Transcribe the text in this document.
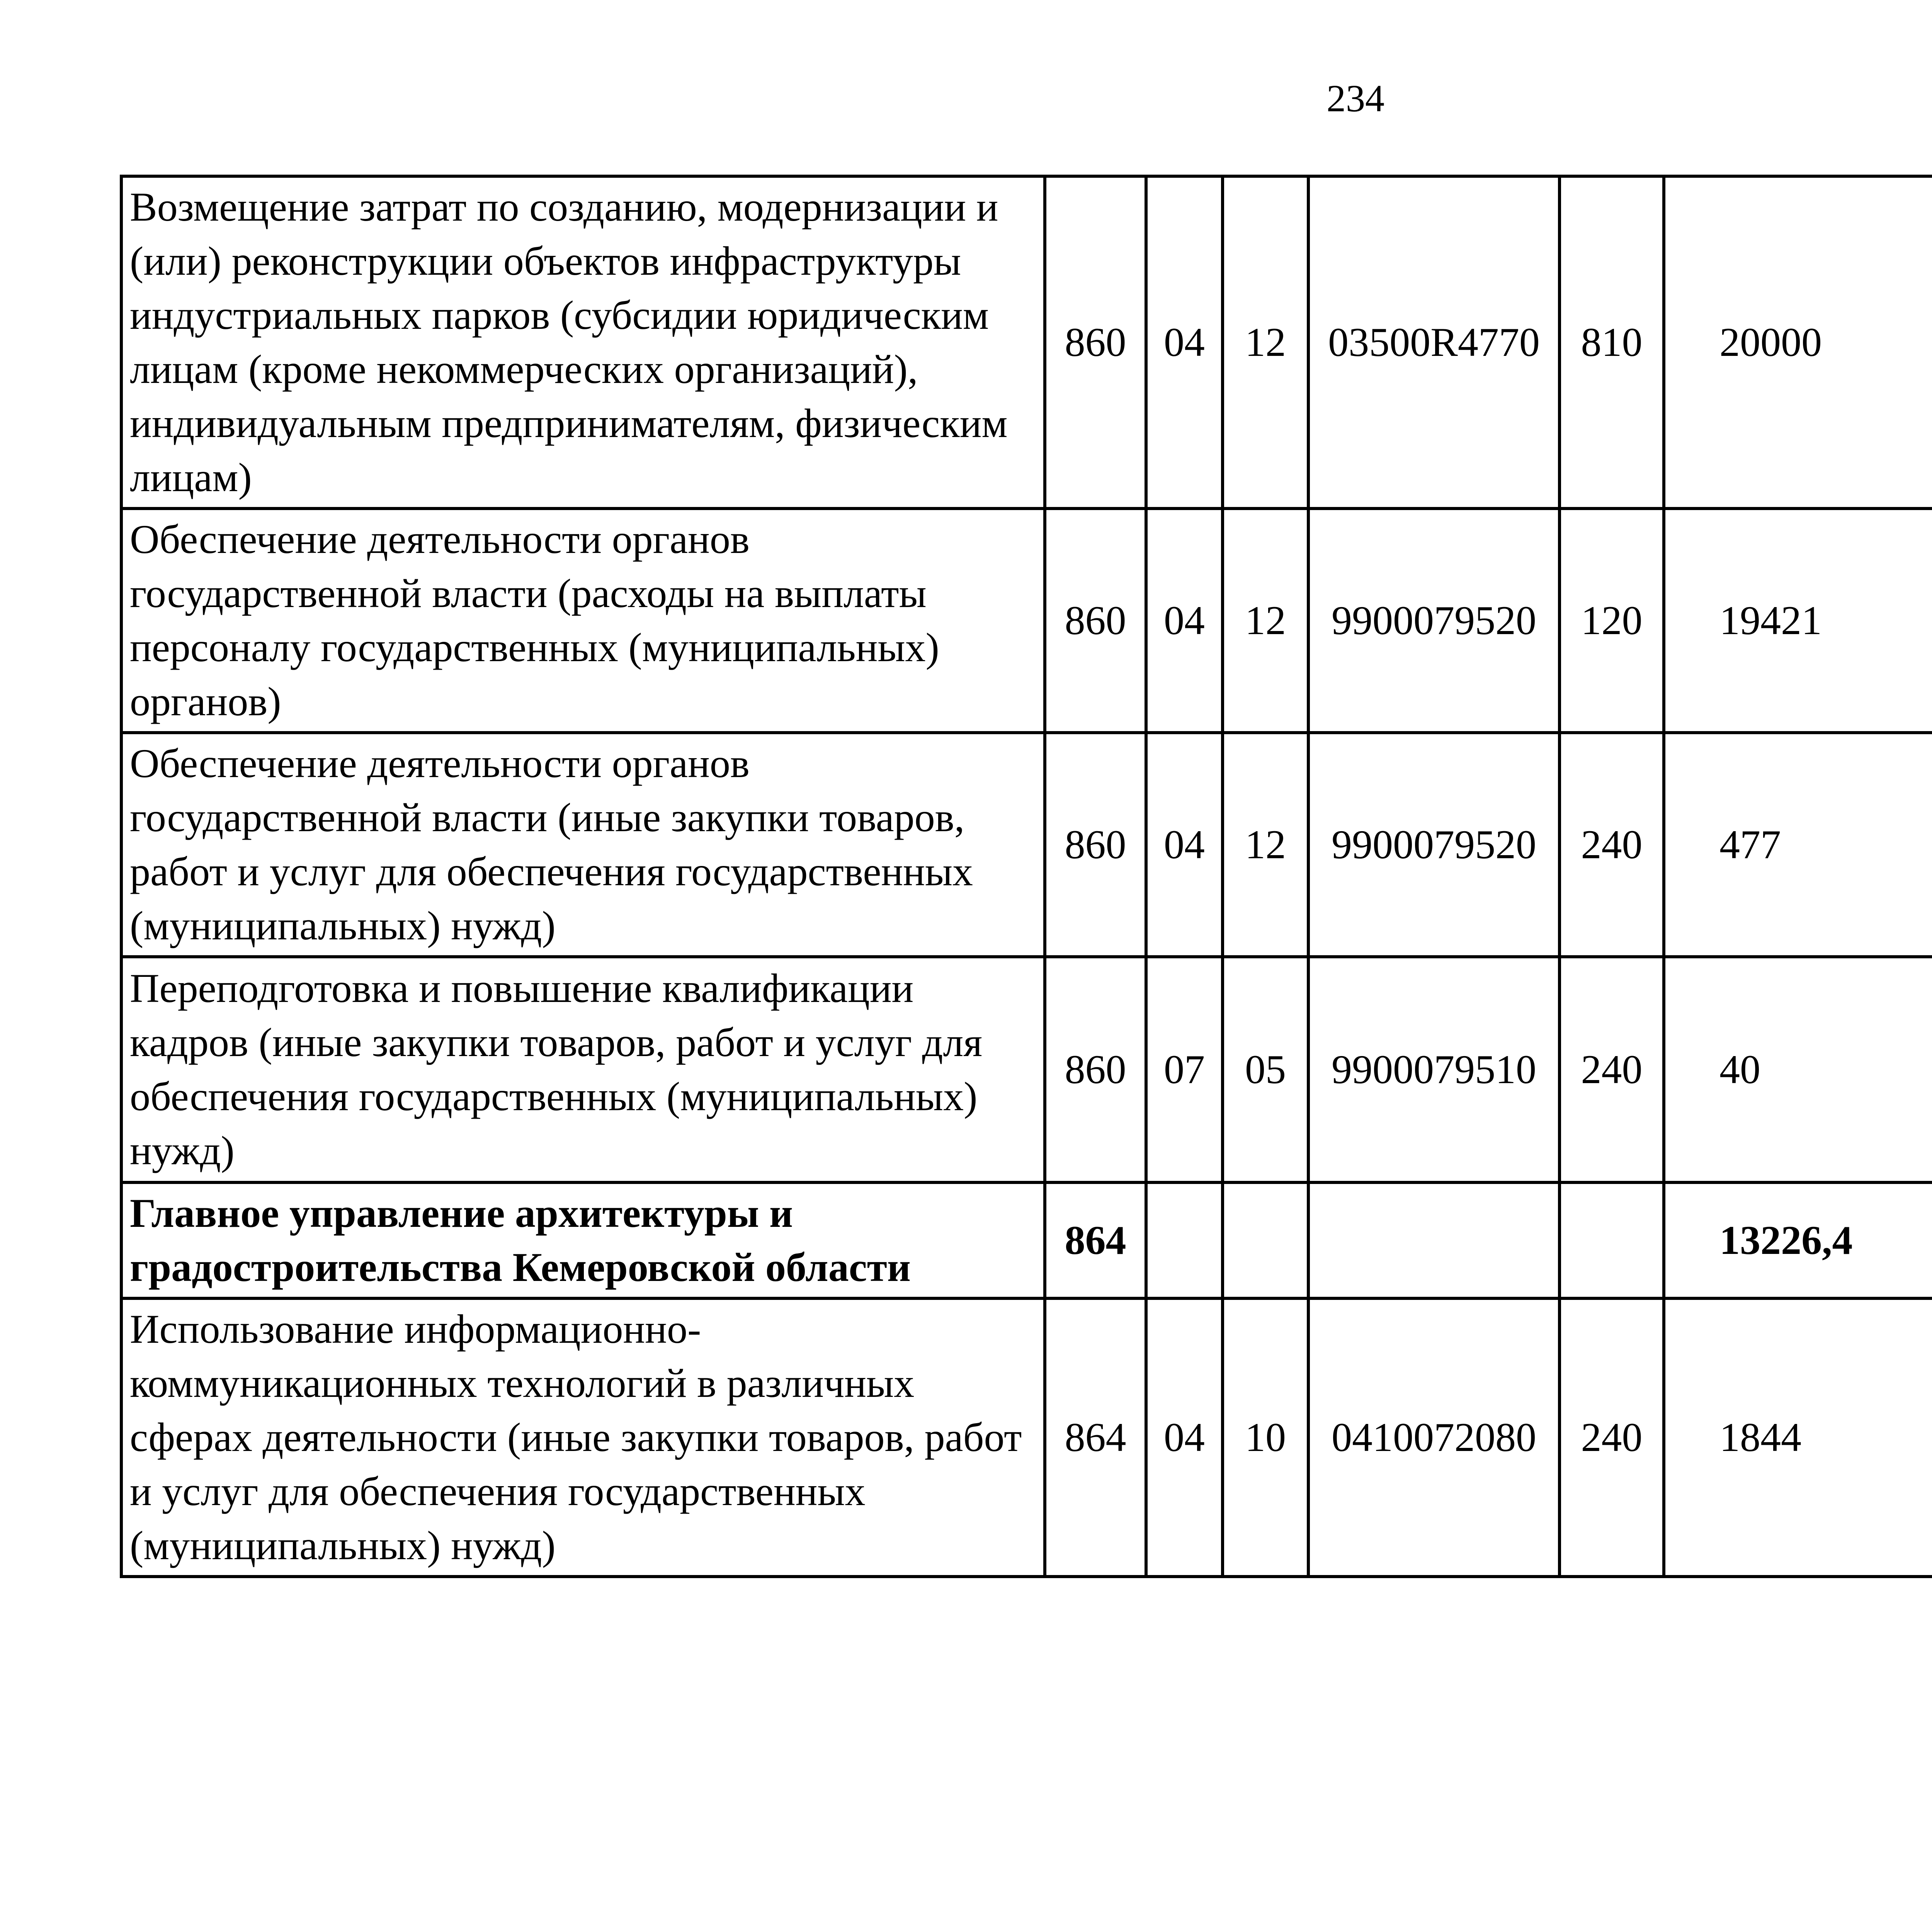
234
Возмещение затрат по созданию, модернизации и (или) реконструкции объектов инфраструктуры индустриальных парков (субсидии юридическим лицам (кроме некоммерческих организаций), индивидуальным предпринимателям, физическим лицам)	860	04	12	03500R4770	810	20000		
Обеспечение деятельности органов государственной власти (расходы на выплаты персоналу государственных (муниципальных) органов)	860	04	12	9900079520	120	19421		
Обеспечение деятельности органов государственной власти (иные закупки товаров, работ и услуг для обеспечения государственных (муниципальных) нужд)	860	04	12	9900079520	240	477		
Переподготовка и повышение квалификации кадров (иные закупки товаров, работ и услуг для обеспечения государственных (муниципальных) нужд)	860	07	05	9900079510	240	40		
Главное управление архитектуры и градостроительства Кемеровской области	864					13226,4		
Использование информационно-коммуникационных технологий в различных сферах деятельности (иные закупки товаров, работ и услуг для обеспечения государственных (муниципальных) нужд)	864	04	10	0410072080	240	1844		
